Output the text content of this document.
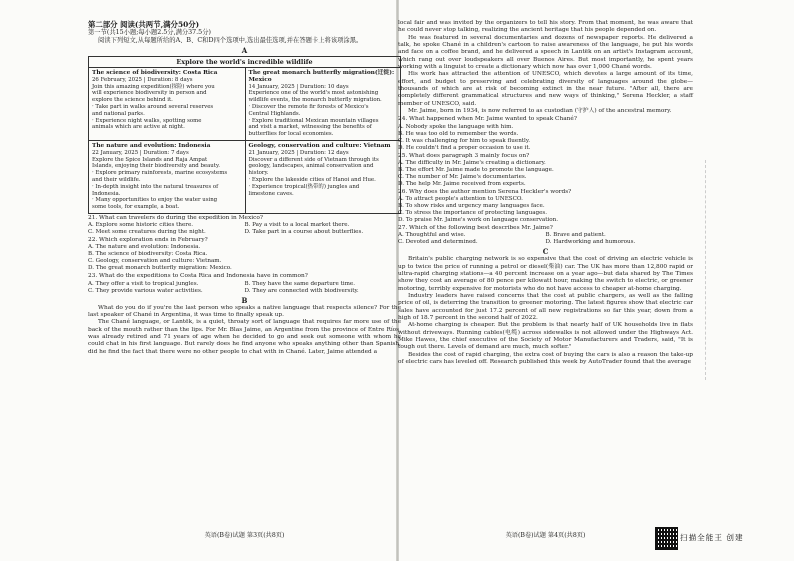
第二部分 阅读(共两节,满分50分)
第一节(共15小题;每小题2.5分,满分37.5分)
阅读下列短文,从每题所给的A、B、C和D四个选项中,选出最佳选项,并在答题卡上将该项涂黑。
A
Explore the world's incredible wildlife
The science of biodiversity: Costa Rica
26 February, 2025 | Duration: 8 days
Join this amazing expedition(探险) where you
will experience biodiversity in person and
explore the science behind it.
· Take part in walks around several reserves
and national parks.
· Experience night walks, spotting some
animals which are active at night.
The great monarch butterfly migration(迁徙): Mexico
14 January, 2025 | Duration: 10 days
Experience one of the world's most astonishing
wildlife events, the monarch butterfly migration.
· Discover the remote fir forests of Mexico's
Central Highlands.
· Explore traditional Mexican mountain villages
and visit a market, witnessing the benefits of
butterflies for local economies.
The nature and evolution: Indonesia
22 January, 2025 | Duration: 7 days
Explore the Spice Islands and Raja Ampat
Islands, enjoying their biodiversity and beauty.
· Explore primary rainforests, marine ecosystems
and their wildlife.
· In-depth insight into the natural treasures of
Indonesia.
· Many opportunities to enjoy the water using
some tools, for example, a boat.
Geology, conservation and culture: Vietnam
21 January, 2025 | Duration: 12 days
Discover a different side of Vietnam through its
geology, landscapes, animal conservation and
history.
· Explore the lakeside cities of Hanoi and Hue.
· Experience tropical(热带的) jungles and
limestone caves.
21. What can travelers do during the expedition in Mexico?
A. Explore some historic cities there.	B. Pay a visit to a local market there.
C. Meet some creatures during the night.	D. Take part in a course about butterflies.
22. Which exploration ends in February?
A. The nature and evolution: Indonesia.
B. The science of biodiversity: Costa Rica.
C. Geology, conservation and culture: Vietnam.
D. The great monarch butterfly migration: Mexico.
23. What do the expeditions to Costa Rica and Indonesia have in common?
A. They offer a visit to tropical jungles.	B. They have the same departure time.
C. They provide various water activities.	D. They are connected with biodiversity.
B
What do you do if you're the last person who speaks a native language that respects silence? For the last speaker of Chané in Argentina, it was time to finally speak up.
The Chané language, or Lantëk, is a quiet, throaty sort of language that requires far more use of the back of the mouth rather than the lips. For Mr. Blas Jaime, an Argentine from the province of Entre Ríos, was already retired and 71 years of age when he decided to go and seek out someone with whom he could chat in his first language. But rarely does he find anyone who speaks anything other than Spanish, did he find the fact that there were no other people to chat with in Chané. Later, Jaime attended a
英语(B卷)试题 第3页(共8页)
local fair and was invited by the organizers to tell his story. From that moment, he was aware that he could never stop talking, realizing the ancient heritage that his people depended on.
He was featured in several documentaries and dozens of newspaper reports. He delivered a talk, he spoke Chané in a children's cartoon to raise awareness of the language, he put his words and face on a coffee brand, and he delivered a speech in Lantëk on an artist's Instagram account, which rang out over loudspeakers all over Buenos Aires. But most importantly, he spent years working with a linguist to create a dictionary which now has over 1,000 Chané words.
His work has attracted the attention of UNESCO, which devotes a large amount of its time, effort, and budget to preserving and celebrating diversity of languages around the globe—thousands of which are at risk of becoming extinct in the near future. "After all, there are completely different grammatical structures and new ways of thinking," Serena Heckler, a staff member of UNESCO, said.
Mr. Jaime, born in 1934, is now referred to as custodian (守护人) of the ancestral memory.
24. What happened when Mr. Jaime wanted to speak Chané?
A. Nobody spoke the language with him.
B. He was too old to remember the words.
C. It was challenging for him to speak fluently.
D. He couldn't find a proper occasion to use it.
25. What does paragraph 3 mainly focus on?
A. The difficulty in Mr. Jaime's creating a dictionary.
B. The effort Mr. Jaime made to promote the language.
C. The number of Mr. Jaime's documentaries.
D. The help Mr. Jaime received from experts.
26. Why does the author mention Serena Heckler's words?
A. To attract people's attention to UNESCO.
B. To show risks and urgency many languages face.
C. To stress the importance of protecting languages.
D. To praise Mr. Jaime's work on language conservation.
27. Which of the following best describes Mr. Jaime?
A. Thoughtful and wise.	B. Brave and patient.
C. Devoted and determined.	D. Hardworking and humorous.
C
Britain's public charging network is so expensive that the cost of driving an electric vehicle is up to twice the price of running a petrol or diesel(柴油) car. The UK has more than 12,800 rapid or ultra-rapid charging stations—a 40 percent increase on a year ago—but data shared by The Times show they cost an average of 80 pence per kilowatt hour, making the switch to electric, or greener motoring, terribly expensive for motorists who do not have access to cheaper at-home charging.
Industry leaders have raised concerns that the cost at public chargers, as well as the falling price of oil, is deterring the transition to greener motoring. The latest figures show that electric car sales have accounted for just 17.2 percent of all new registrations so far this year, down from a high of 18.7 percent in the second half of 2022.
At-home charging is cheaper. But the problem is that nearly half of UK households live in flats without driveways. Running cables(电缆) across sidewalks is not allowed under the Highways Act. Mike Hawes, the chief executive of the Society of Motor Manufacturers and Traders, said, "It is tough out there. Levels of demand are much, much softer."
Besides the cost of rapid charging, the extra cost of buying the cars is also a reason the take-up of electric cars has leveled off. Research published this week by AutoTrader found that the average
英语(B卷)试题 第4页(共8页)	扫描全能王 创建
